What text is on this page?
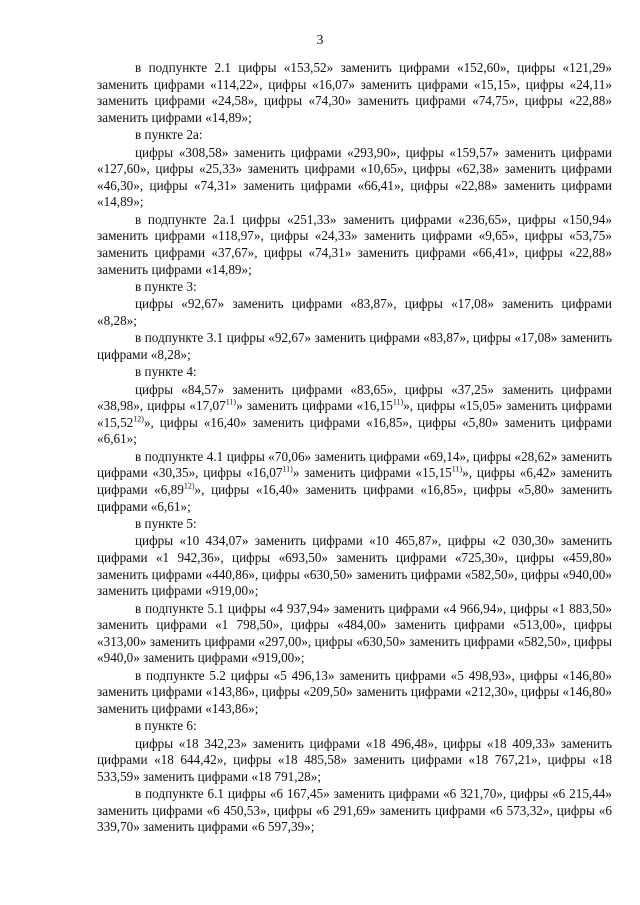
3

в подпункте 2.1 цифры «153,52» заменить цифрами «152,60», цифры «121,29» заменить цифрами «114,22», цифры «16,07» заменить цифрами «15,15», цифры «24,11» заменить цифрами «24,58», цифры «74,30» заменить цифрами «74,75», цифры «22,88» заменить цифрами «14,89»;

в пункте 2а:

цифры «308,58» заменить цифрами «293,90», цифры «159,57» заменить цифрами «127,60», цифры «25,33» заменить цифрами «10,65», цифры «62,38» заменить цифрами «46,30», цифры «74,31» заменить цифрами «66,41», цифры «22,88» заменить цифрами «14,89»;

в подпункте 2а.1 цифры «251,33» заменить цифрами «236,65», цифры «150,94» заменить цифрами «118,97», цифры «24,33» заменить цифрами «9,65», цифры «53,75» заменить цифрами «37,67», цифры «74,31» заменить цифрами «66,41», цифры «22,88» заменить цифрами «14,89»;

в пункте 3:

цифры «92,67» заменить цифрами «83,87», цифры «17,08» заменить цифрами «8,28»;

в подпункте 3.1 цифры «92,67» заменить цифрами «83,87», цифры «17,08» заменить цифрами «8,28»;

в пункте 4:

цифры «84,57» заменить цифрами «83,65», цифры «37,25» заменить цифрами «38,98», цифры «17,07$^{11)}$» заменить цифрами «16,15$^{11)}$», цифры «15,05» заменить цифрами «15,52$^{12)}$», цифры «16,40» заменить цифрами «16,85», цифры «5,80» заменить цифрами «6,61»;

в подпункте 4.1 цифры «70,06» заменить цифрами «69,14», цифры «28,62» заменить цифрами «30,35», цифры «16,07$^{11)}$» заменить цифрами «15,15$^{11)}$», цифры «6,42» заменить цифрами «6,89$^{12)}$», цифры «16,40» заменить цифрами «16,85», цифры «5,80» заменить цифрами «6,61»;

в пункте 5:

цифры «10 434,07» заменить цифрами «10 465,87», цифры «2 030,30» заменить цифрами «1 942,36», цифры «693,50» заменить цифрами «725,30», цифры «459,80» заменить цифрами «440,86», цифры «630,50» заменить цифрами «582,50», цифры «940,00» заменить цифрами «919,00»;

в подпункте 5.1 цифры «4 937,94» заменить цифрами «4 966,94», цифры «1 883,50» заменить цифрами «1 798,50», цифры «484,00» заменить цифрами «513,00», цифры «313,00» заменить цифрами «297,00», цифры «630,50» заменить цифрами «582,50», цифры «940,0» заменить цифрами «919,00»;

в подпункте 5.2 цифры «5 496,13» заменить цифрами «5 498,93», цифры «146,80» заменить цифрами «143,86», цифры «209,50» заменить цифрами «212,30», цифры «146,80» заменить цифрами «143,86»;

в пункте 6:

цифры «18 342,23» заменить цифрами «18 496,48», цифры «18 409,33» заменить цифрами «18 644,42», цифры «18 485,58» заменить цифрами «18 767,21», цифры «18 533,59» заменить цифрами «18 791,28»;

в подпункте 6.1 цифры «6 167,45» заменить цифрами «6 321,70», цифры «6 215,44» заменить цифрами «6 450,53», цифры «6 291,69» заменить цифрами «6 573,32», цифры «6 339,70» заменить цифрами «6 597,39»;
